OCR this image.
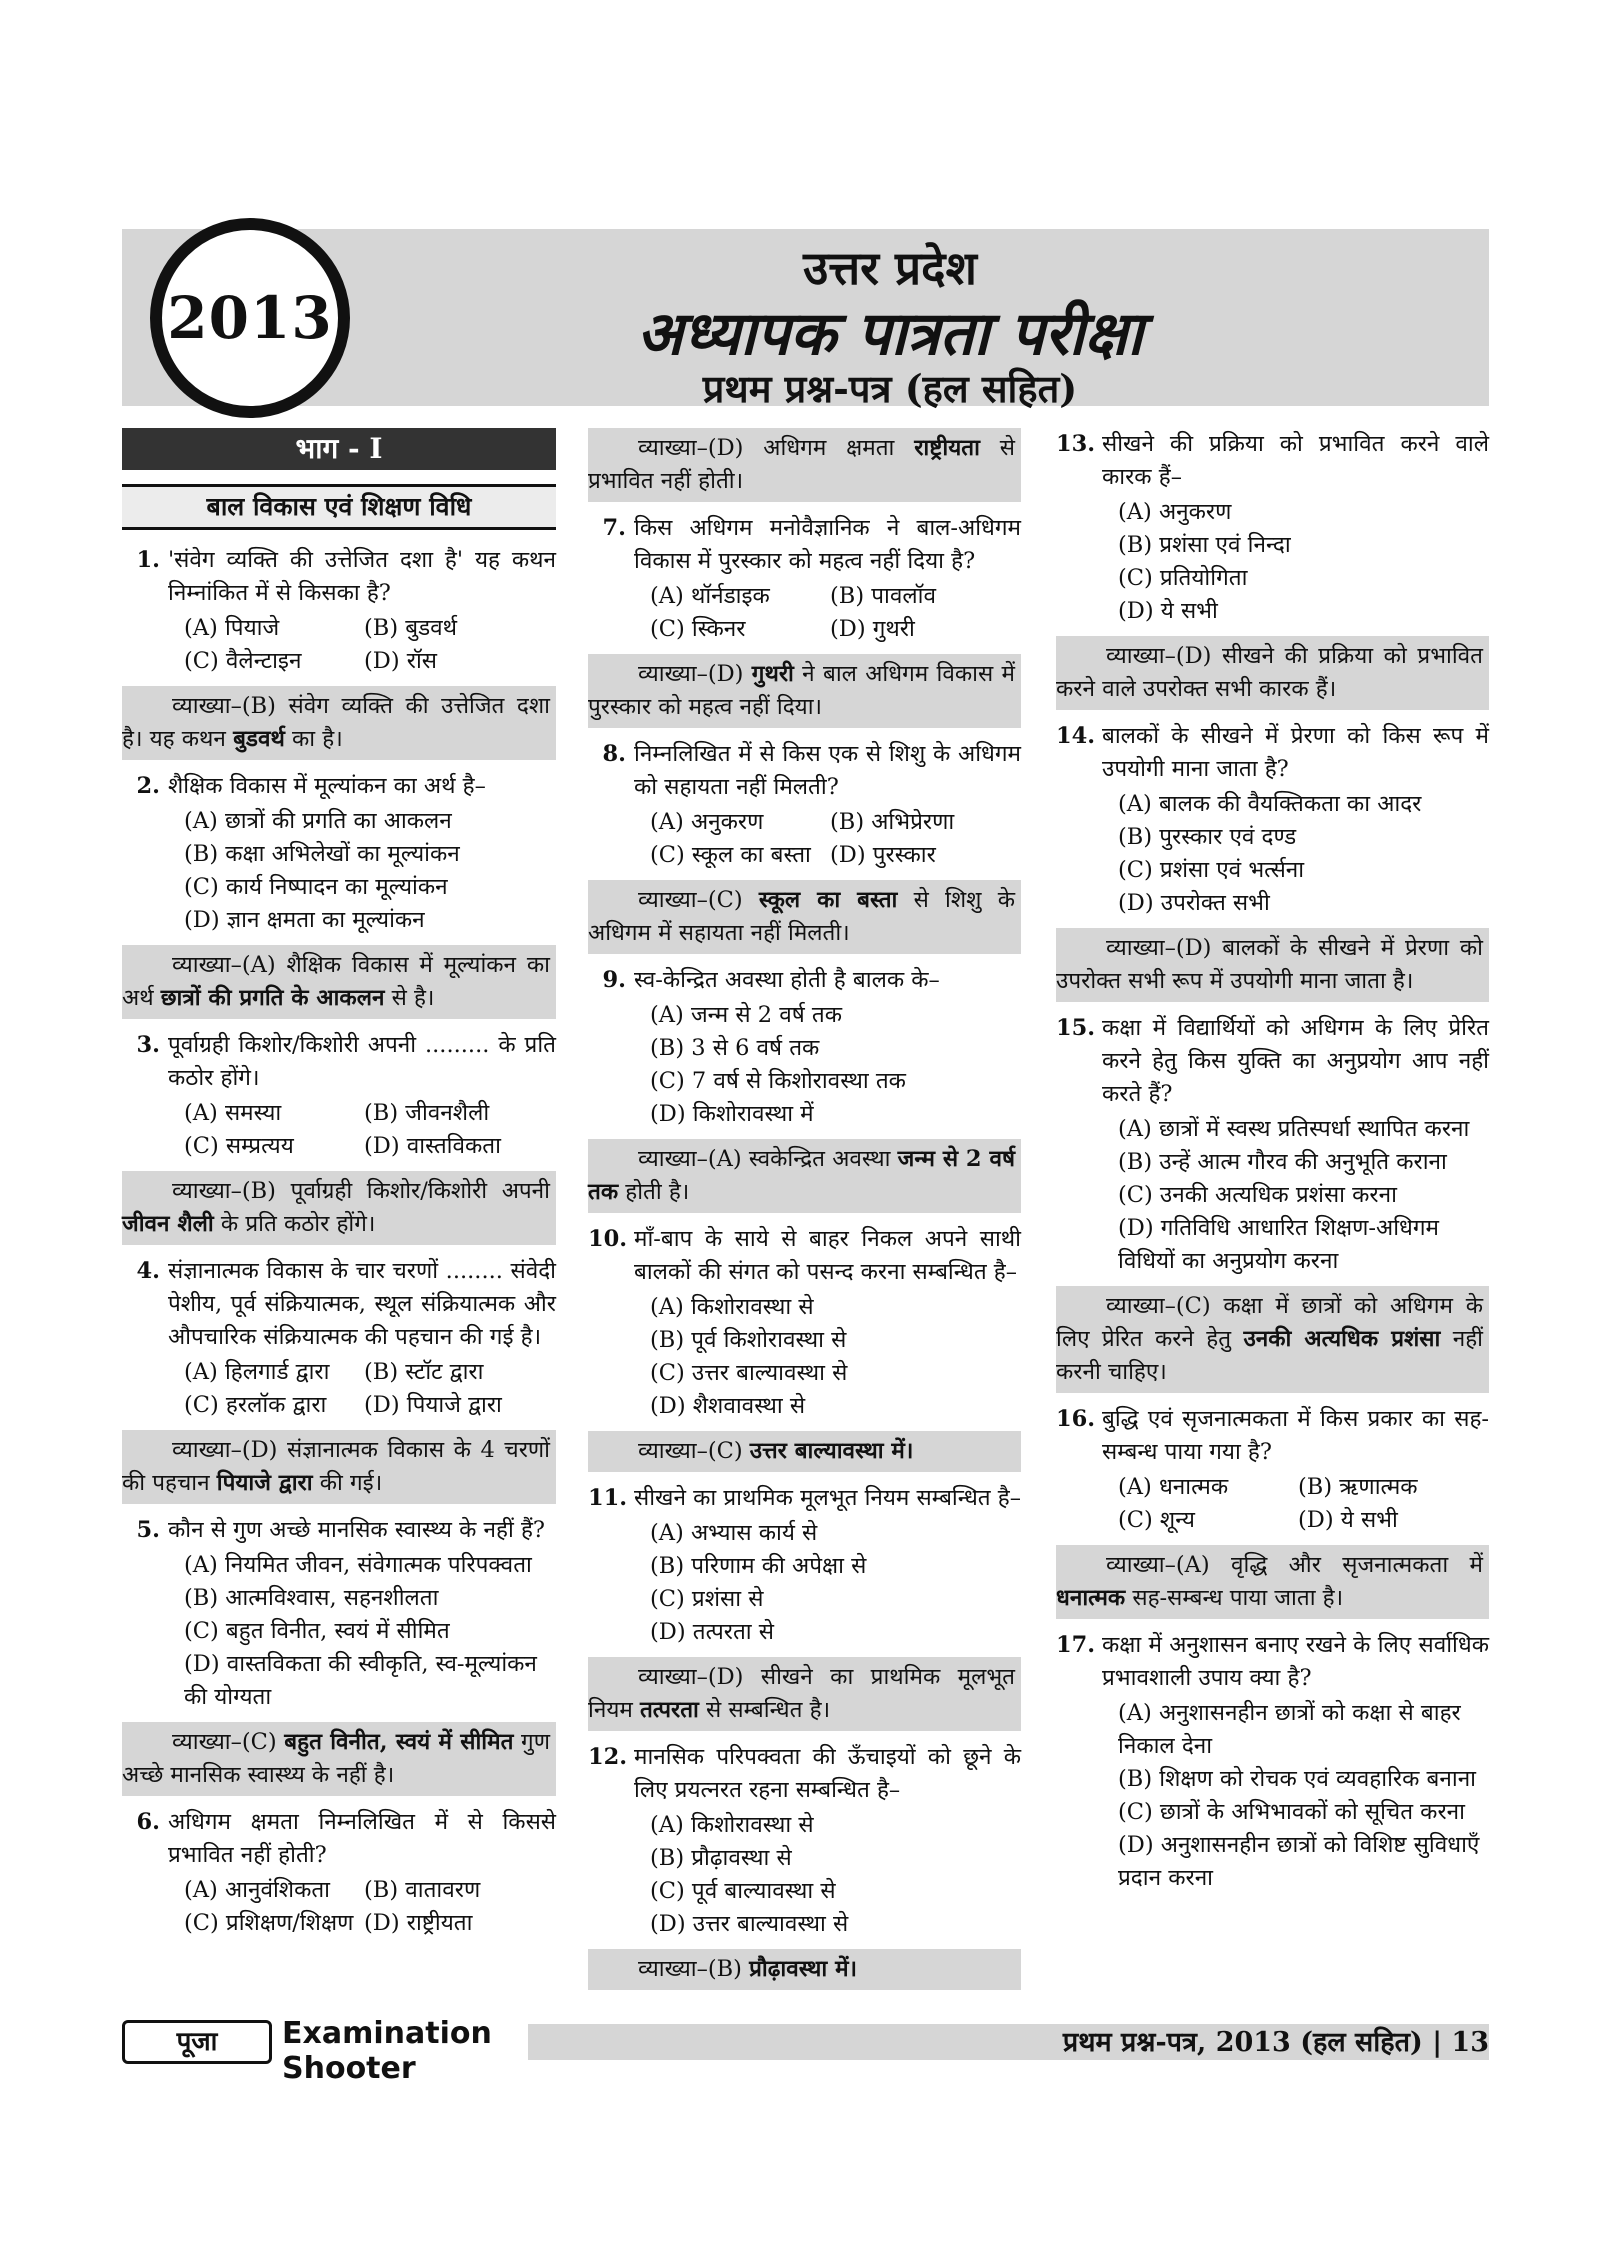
2013
उत्तर प्रदेश
अध्यापक पात्रता परीक्षा
प्रथम प्रश्न-पत्र (हल सहित)
भाग - I
बाल विकास एवं शिक्षण विधि
1. 'संवेग व्यक्ति की उत्तेजित दशा है' यह कथन निम्नांकित में से किसका है?
(A) पियाजे	(B) बुडवर्थ
(C) वैलेन्टाइन	(D) रॉस
व्याख्या–(B) संवेग व्यक्ति की उत्तेजित दशा है। यह कथन बुडवर्थ का है।
2. शैक्षिक विकास में मूल्यांकन का अर्थ है–
(A) छात्रों की प्रगति का आकलन
(B) कक्षा अभिलेखों का मूल्यांकन
(C) कार्य निष्पादन का मूल्यांकन
(D) ज्ञान क्षमता का मूल्यांकन
व्याख्या–(A) शैक्षिक विकास में मूल्यांकन का अर्थ छात्रों की प्रगति के आकलन से है।
3. पूर्वाग्रही किशोर/किशोरी अपनी ......... के प्रति कठोर होंगे।
(A) समस्या	(B) जीवनशैली
(C) सम्प्रत्यय	(D) वास्तविकता
व्याख्या–(B) पूर्वाग्रही किशोर/किशोरी अपनी जीवन शैली के प्रति कठोर होंगे।
4. संज्ञानात्मक विकास के चार चरणों ........ संवेदी पेशीय, पूर्व संक्रियात्मक, स्थूल संक्रियात्मक और औपचारिक संक्रियात्मक की पहचान की गई है।
(A) हिलगार्ड द्वारा	(B) स्टॉट द्वारा
(C) हरलॉक द्वारा	(D) पियाजे द्वारा
व्याख्या–(D) संज्ञानात्मक विकास के 4 चरणों की पहचान पियाजे द्वारा की गई।
5. कौन से गुण अच्छे मानसिक स्वास्थ्य के नहीं हैं?
(A) नियमित जीवन, संवेगात्मक परिपक्वता
(B) आत्मविश्वास, सहनशीलता
(C) बहुत विनीत, स्वयं में सीमित
(D) वास्तविकता की स्वीकृति, स्व-मूल्यांकन की योग्यता
व्याख्या–(C) बहुत विनीत, स्वयं में सीमित गुण अच्छे मानसिक स्वास्थ्य के नहीं है।
6. अधिगम क्षमता निम्नलिखित में से किससे प्रभावित नहीं होती?
(A) आनुवंशिकता	(B) वातावरण
(C) प्रशिक्षण/शिक्षण (D) राष्ट्रीयता
व्याख्या–(D) अधिगम क्षमता राष्ट्रीयता से प्रभावित नहीं होती।
7. किस अधिगम मनोवैज्ञानिक ने बाल-अधिगम विकास में पुरस्कार को महत्व नहीं दिया है?
(A) थॉर्नडाइक	(B) पावलॉव
(C) स्किनर	(D) गुथरी
व्याख्या–(D) गुथरी ने बाल अधिगम विकास में पुरस्कार को महत्व नहीं दिया।
8. निम्नलिखित में से किस एक से शिशु के अधिगम को सहायता नहीं मिलती?
(A) अनुकरण	(B) अभिप्रेरणा
(C) स्कूल का बस्ता (D) पुरस्कार
व्याख्या–(C) स्कूल का बस्ता से शिशु के अधिगम में सहायता नहीं मिलती।
9. स्व-केन्द्रित अवस्था होती है बालक के–
(A) जन्म से 2 वर्ष तक
(B) 3 से 6 वर्ष तक
(C) 7 वर्ष से किशोरावस्था तक
(D) किशोरावस्था में
व्याख्या–(A) स्वकेन्द्रित अवस्था जन्म से 2 वर्ष तक होती है।
10. माँ-बाप के साये से बाहर निकल अपने साथी बालकों की संगत को पसन्द करना सम्बन्धित है–
(A) किशोरावस्था से
(B) पूर्व किशोरावस्था से
(C) उत्तर बाल्यावस्था से
(D) शैशवावस्था से
व्याख्या–(C) उत्तर बाल्यावस्था में।
11. सीखने का प्राथमिक मूलभूत नियम सम्बन्धित है–
(A) अभ्यास कार्य से
(B) परिणाम की अपेक्षा से
(C) प्रशंसा से
(D) तत्परता से
व्याख्या–(D) सीखने का प्राथमिक मूलभूत नियम तत्परता से सम्बन्धित है।
12. मानसिक परिपक्वता की ऊँचाइयों को छूने के लिए प्रयत्नरत रहना सम्बन्धित है–
(A) किशोरावस्था से
(B) प्रौढ़ावस्था से
(C) पूर्व बाल्यावस्था से
(D) उत्तर बाल्यावस्था से
व्याख्या–(B) प्रौढ़ावस्था में।
13. सीखने की प्रक्रिया को प्रभावित करने वाले कारक हैं–
(A) अनुकरण
(B) प्रशंसा एवं निन्दा
(C) प्रतियोगिता
(D) ये सभी
व्याख्या–(D) सीखने की प्रक्रिया को प्रभावित करने वाले उपरोक्त सभी कारक हैं।
14. बालकों के सीखने में प्रेरणा को किस रूप में उपयोगी माना जाता है?
(A) बालक की वैयक्तिकता का आदर
(B) पुरस्कार एवं दण्ड
(C) प्रशंसा एवं भर्त्सना
(D) उपरोक्त सभी
व्याख्या–(D) बालकों के सीखने में प्रेरणा को उपरोक्त सभी रूप में उपयोगी माना जाता है।
15. कक्षा में विद्यार्थियों को अधिगम के लिए प्रेरित करने हेतु किस युक्ति का अनुप्रयोग आप नहीं करते हैं?
(A) छात्रों में स्वस्थ प्रतिस्पर्धा स्थापित करना
(B) उन्हें आत्म गौरव की अनुभूति कराना
(C) उनकी अत्यधिक प्रशंसा करना
(D) गतिविधि आधारित शिक्षण-अधिगम विधियों का अनुप्रयोग करना
व्याख्या–(C) कक्षा में छात्रों को अधिगम के लिए प्रेरित करने हेतु उनकी अत्यधिक प्रशंसा नहीं करनी चाहिए।
16. बुद्धि एवं सृजनात्मकता में किस प्रकार का सह-सम्बन्ध पाया गया है?
(A) धनात्मक	(B) ऋणात्मक
(C) शून्य	(D) ये सभी
व्याख्या–(A) वृद्धि और सृजनात्मकता में धनात्मक सह-सम्बन्ध पाया जाता है।
17. कक्षा में अनुशासन बनाए रखने के लिए सर्वाधिक प्रभावशाली उपाय क्या है?
(A) अनुशासनहीन छात्रों को कक्षा से बाहर निकाल देना
(B) शिक्षण को रोचक एवं व्यवहारिक बनाना
(C) छात्रों के अभिभावकों को सूचित करना
(D) अनुशासनहीन छात्रों को विशिष्ट सुविधाएँ प्रदान करना
पूजा	Examination Shooter
प्रथम प्रश्न-पत्र, 2013 (हल सहित) | 13
